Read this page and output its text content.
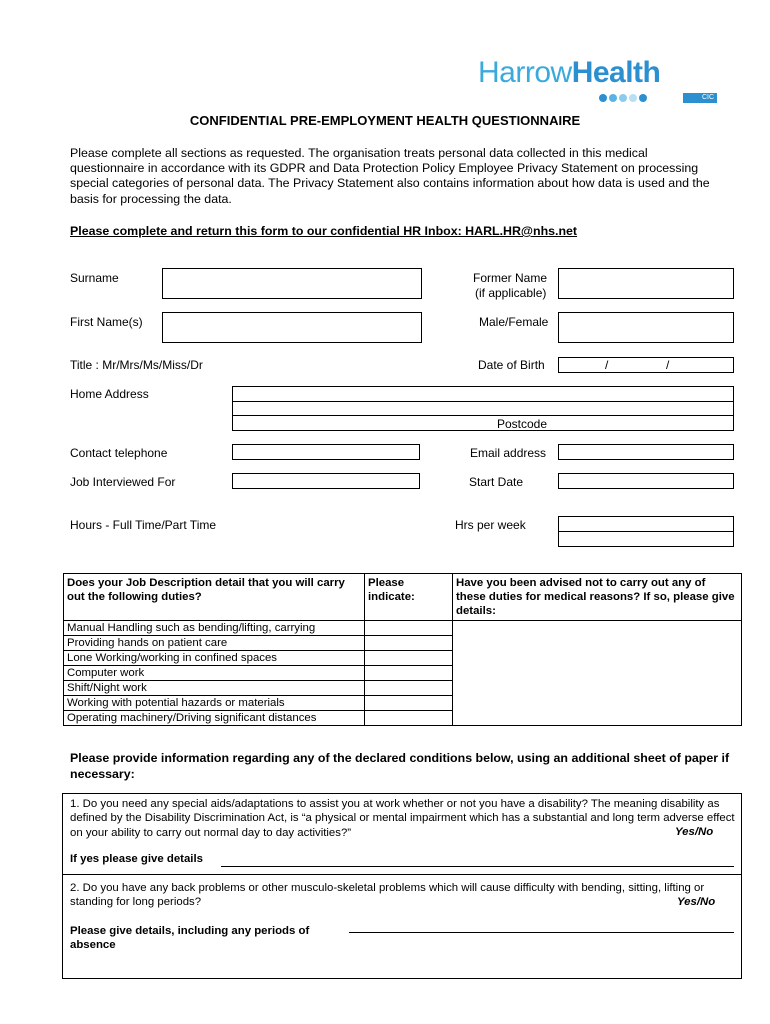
HarrowHealth
CIC
CONFIDENTIAL PRE-EMPLOYMENT HEALTH QUESTIONNAIRE
Please complete all sections as requested. The organisation treats personal data collected in this medical questionnaire in accordance with its GDPR and Data Protection Policy Employee Privacy Statement on processing special categories of personal data. The Privacy Statement also contains information about how data is used and the basis for processing the data.
Please complete and return this form to our confidential HR Inbox: HARL.HR@nhs.net
Surname	Former Name
(if applicable)
First Name(s)	Male/Female
Title : Mr/Mrs/Ms/Miss/Dr	Date of Birth	/	/
Home Address
Postcode
Contact telephone	Email address
Job Interviewed For	Start Date
Hours - Full Time/Part Time	Hrs per week
Does your Job Description detail that you will carry out the following duties?	Please indicate:	Have you been advised not to carry out any of these duties for medical reasons? If so, please give details:
Manual Handling such as bending/lifting, carrying		
Providing hands on patient care		
Lone Working/working in confined spaces		
Computer work		
Shift/Night work		
Working with potential hazards or materials		
Operating machinery/Driving significant distances		
Please provide information regarding any of the declared conditions below, using an additional sheet of paper if necessary:
1. Do you need any special aids/adaptations to assist you at work whether or not you have a disability? The meaning disability as defined by the Disability Discrimination Act, is “a physical or mental impairment which has a substantial and long term adverse effect on your ability to carry out normal day to day activities?”	Yes/No
If yes please give details
2. Do you have any back problems or other musculo-skeletal problems which will cause difficulty with bending, sitting, lifting or standing for long periods?	Yes/No
Please give details, including any periods of absence
